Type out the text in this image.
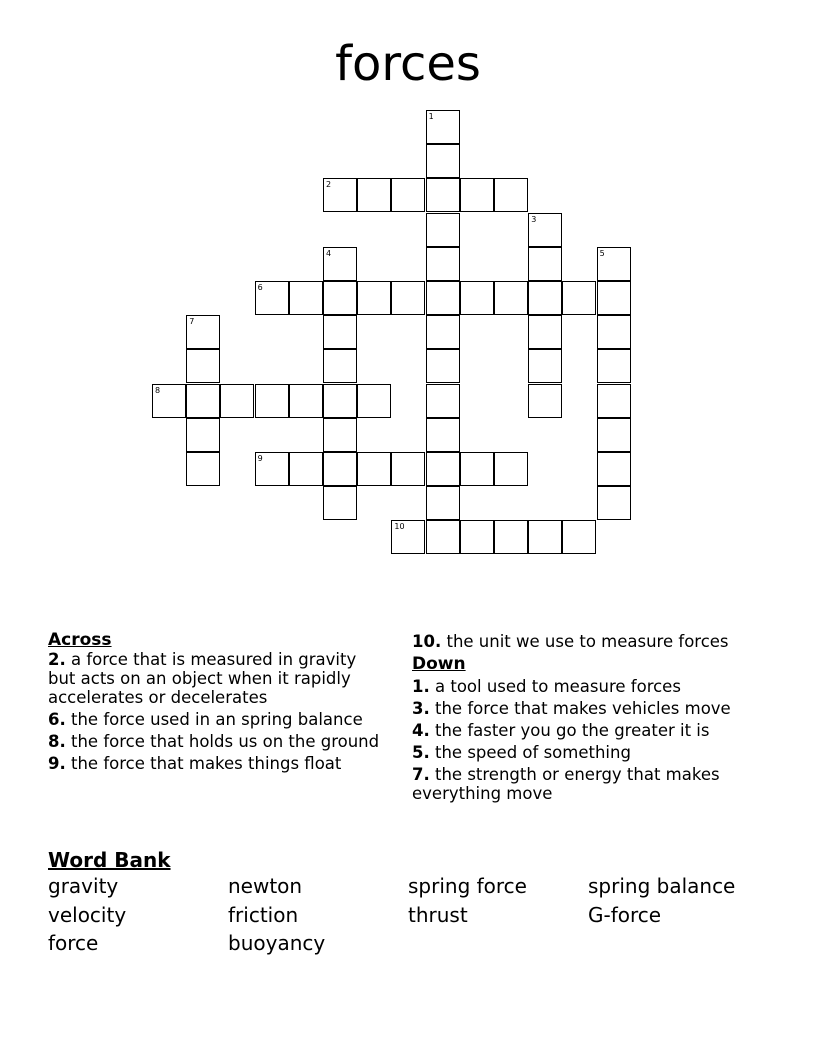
forces
1
2
3
4	5
6
7
8
9
10
Across
2. a force that is measured in gravity but acts on an object when it rapidly accelerates or decelerates
6. the force used in an spring balance
8. the force that holds us on the ground
9. the force that makes things float
10. the unit we use to measure forces
Down
1. a tool used to measure forces
3. the force that makes vehicles move
4. the faster you go the greater it is
5. the speed of something
7. the strength or energy that makes everything move
Word Bank
gravity	newton	spring force	spring balance
velocity	friction	thrust	G-force
force	buoyancy
